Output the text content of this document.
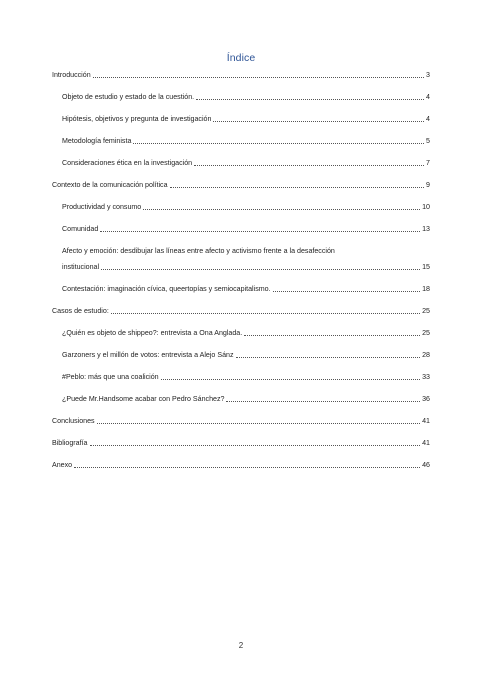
Índice
Introducción	3
Objeto de estudio y estado de la cuestión.	4
Hipótesis, objetivos y pregunta de investigación	4
Metodología feminista	5
Consideraciones ética en la investigación	7
Contexto de la comunicación política	9
Productividad y consumo	10
Comunidad	13
Afecto y emoción: desdibujar las líneas entre afecto y activismo frente a la desafección
institucional	15
Contestación: imaginación cívica, queertopías y semiocapitalismo.	18
Casos de estudio:	25
¿Quién es objeto de shippeo?: entrevista a Ona Anglada.	25
Garzoners y el millón de votos: entrevista a Alejo Sánz	28
#Peblo: más que una coalición	33
¿Puede Mr.Handsome acabar con Pedro Sánchez?	36
Conclusiones	41
Bibliografía	41
Anexo	46
2
